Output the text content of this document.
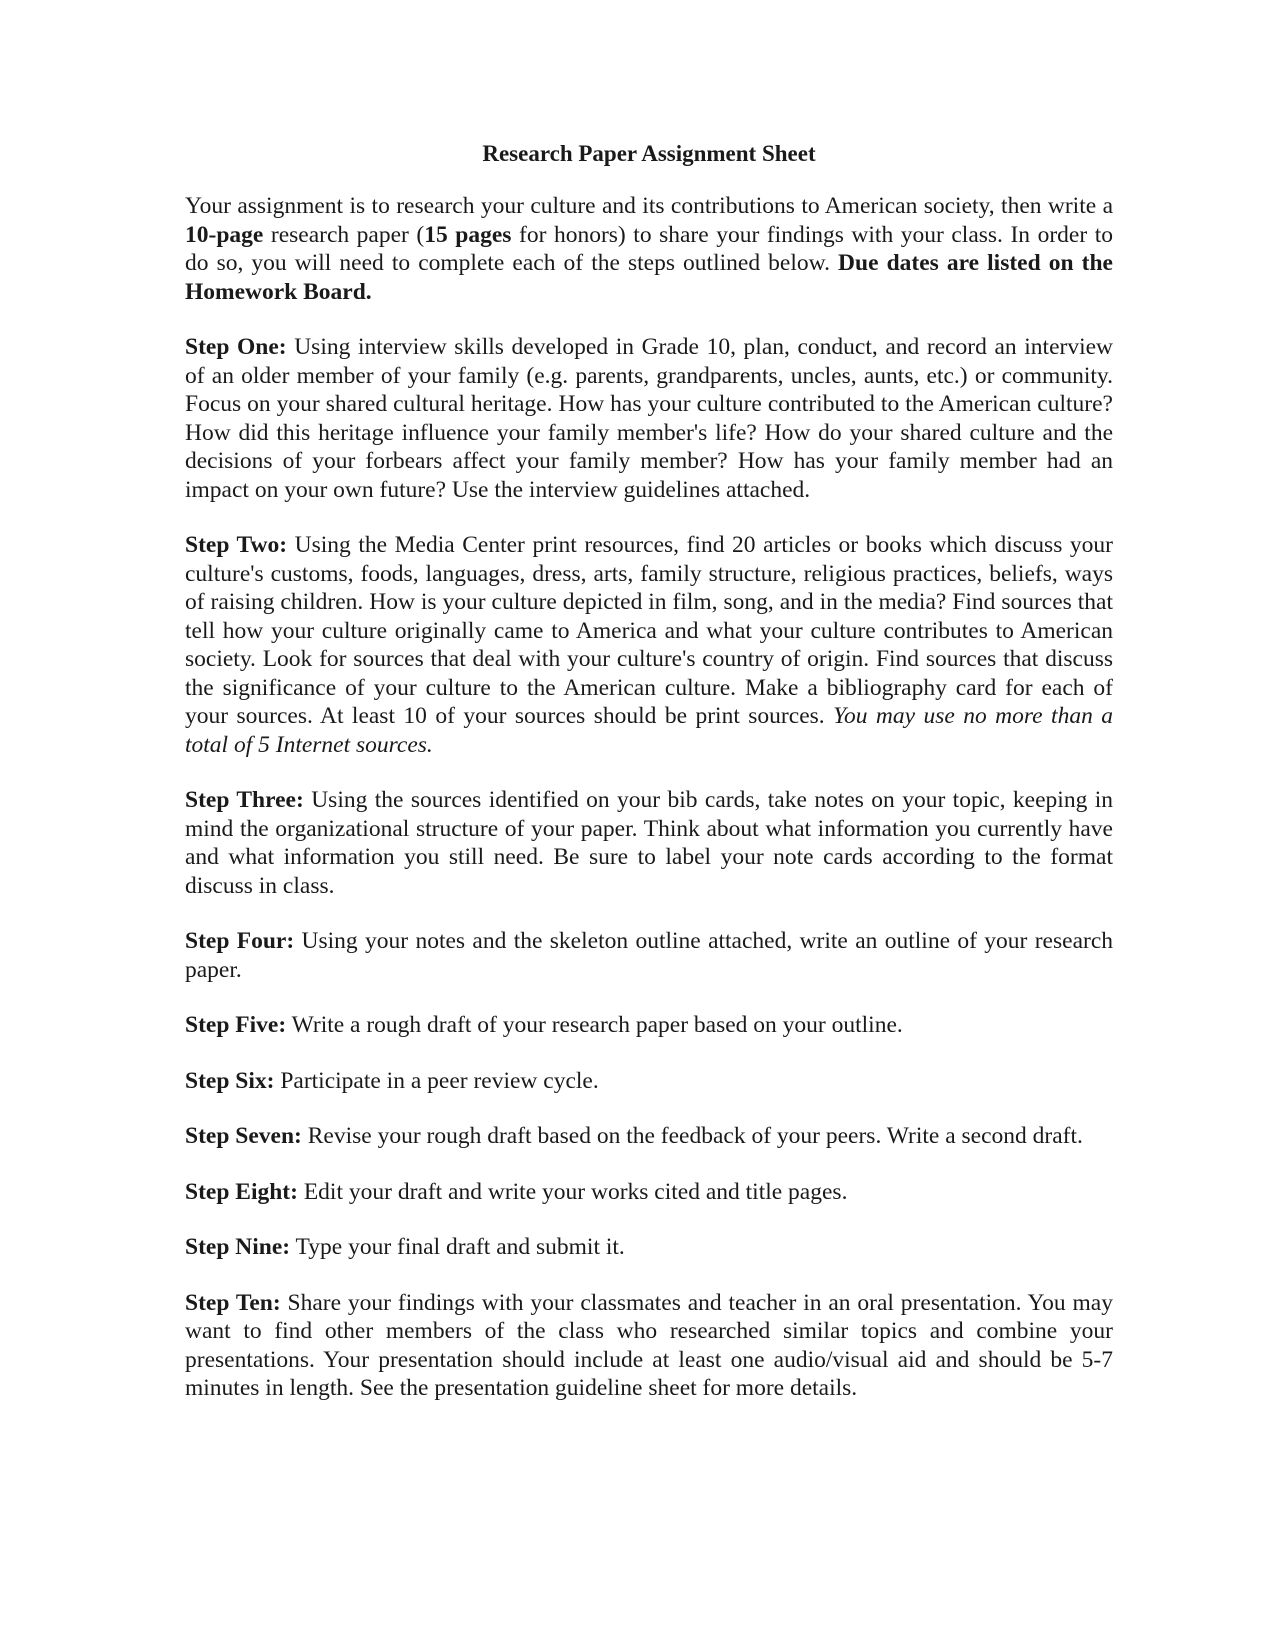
Research Paper Assignment Sheet

Your assignment is to research your culture and its contributions to American society, then write a 10-page research paper (15 pages for honors) to share your findings with your class. In order to do so, you will need to complete each of the steps outlined below. Due dates are listed on the Homework Board.

Step One: Using interview skills developed in Grade 10, plan, conduct, and record an interview of an older member of your family (e.g. parents, grandparents, uncles, aunts, etc.) or community. Focus on your shared cultural heritage. How has your culture contributed to the American culture? How did this heritage influence your family member's life? How do your shared culture and the decisions of your forbears affect your family member? How has your family member had an impact on your own future? Use the interview guidelines attached.

Step Two: Using the Media Center print resources, find 20 articles or books which discuss your culture's customs, foods, languages, dress, arts, family structure, religious practices, beliefs, ways of raising children. How is your culture depicted in film, song, and in the media? Find sources that tell how your culture originally came to America and what your culture contributes to American society. Look for sources that deal with your culture's country of origin. Find sources that discuss the significance of your culture to the American culture. Make a bibliography card for each of your sources. At least 10 of your sources should be print sources. You may use no more than a total of 5 Internet sources.

Step Three: Using the sources identified on your bib cards, take notes on your topic, keeping in mind the organizational structure of your paper. Think about what information you currently have and what information you still need. Be sure to label your note cards according to the format discuss in class.

Step Four: Using your notes and the skeleton outline attached, write an outline of your research paper.

Step Five: Write a rough draft of your research paper based on your outline.

Step Six: Participate in a peer review cycle.

Step Seven: Revise your rough draft based on the feedback of your peers. Write a second draft.

Step Eight: Edit your draft and write your works cited and title pages.

Step Nine: Type your final draft and submit it.

Step Ten: Share your findings with your classmates and teacher in an oral presentation. You may want to find other members of the class who researched similar topics and combine your presentations. Your presentation should include at least one audio/visual aid and should be 5-7 minutes in length. See the presentation guideline sheet for more details.
